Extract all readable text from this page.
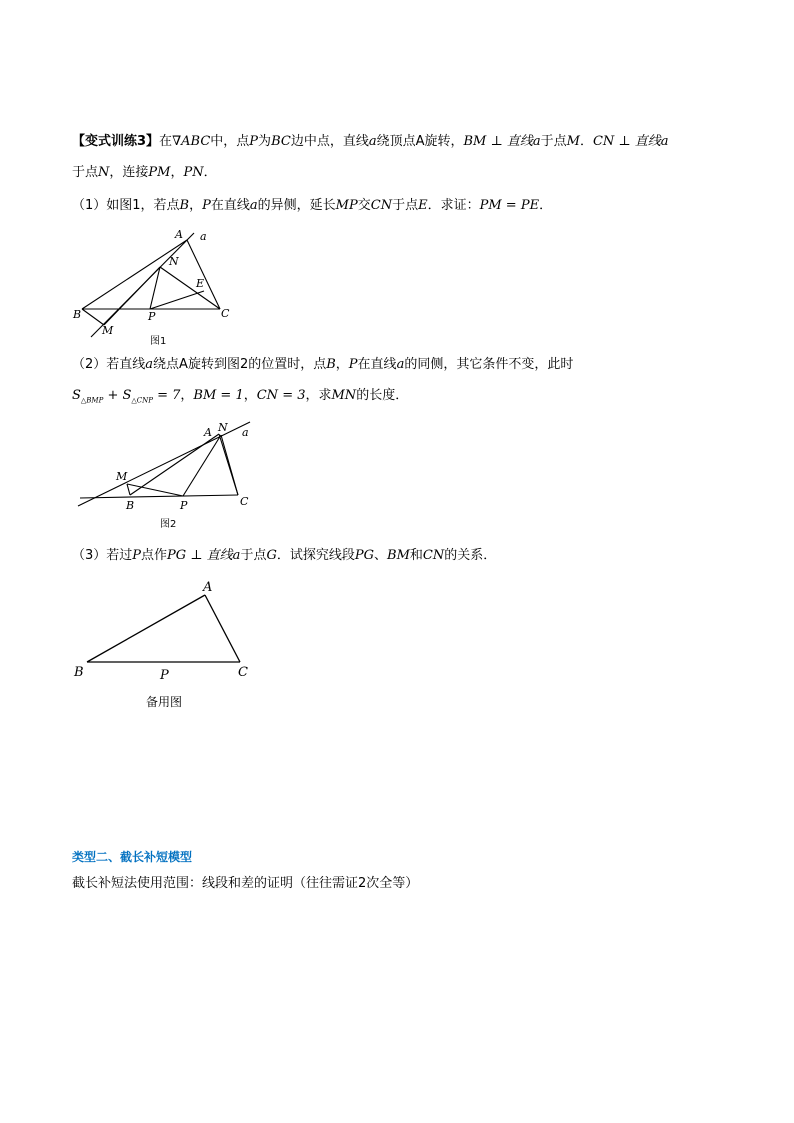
【变式训练3】在∇ABC中，点P为BC边中点，直线a绕顶点A旋转，BM ⊥ 直线a于点M．CN ⊥ 直线a
于点N，连接PM，PN．
（1）如图1，若点B，P在直线a的异侧，延长MP交CN于点E．求证：PM = PE．
A a
N
E
B	P	C
M
图1
（2）若直线a绕点A旋转到图2的位置时，点B，P在直线a的同侧，其它条件不变，此时
$S_{\triangle BMP} + S_{\triangle CNP} = 7$，BM = 1，CN = 3，求MN的长度．
A N a
M
B	P	C
图2
（3）若过P点作PG ⊥ 直线a于点G．试探究线段PG、BM和CN的关系．
A
B	P	C
备用图
类型二、截长补短模型
截长补短法使用范围：线段和差的证明（往往需证2次全等）
